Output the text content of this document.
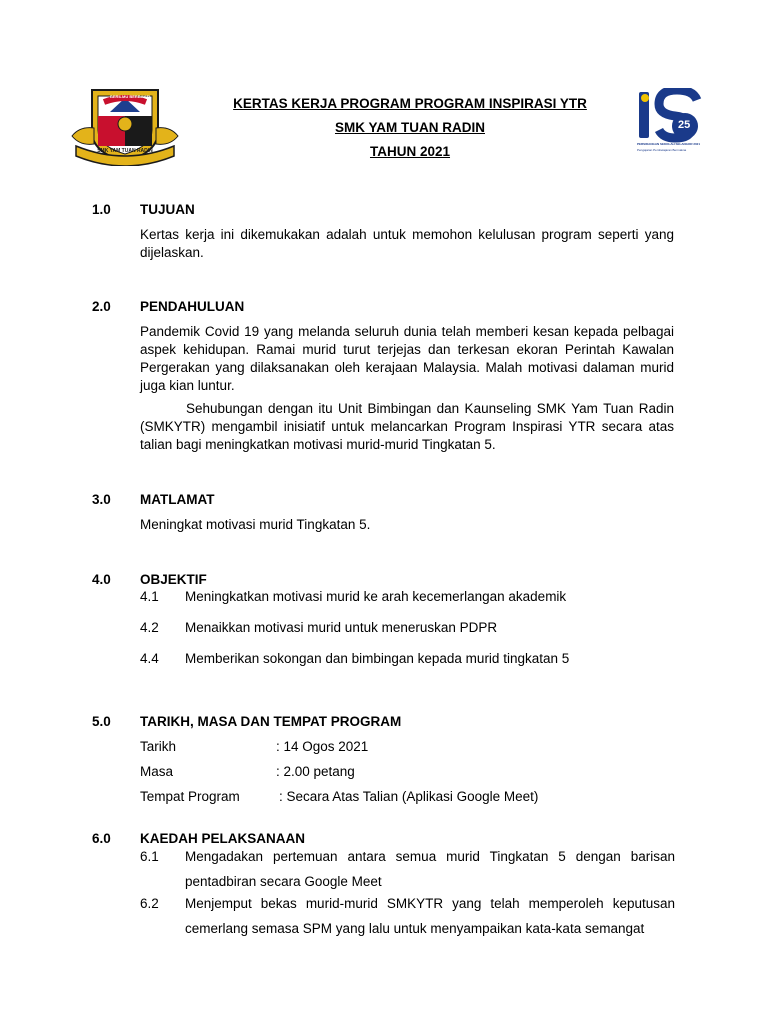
BERILMU BERBAKTI
SMK YAM TUAN RADIN
KERTAS KERJA PROGRAM PROGRAM INSPIRASI YTR
SMK YAM TUAN RADIN
TAHUN 2021
25
PERSIDANGAN SEKOLAH SELANGOR 2021
Pengajaran Pembelajaran Bermakna
1.0 TUJUAN
Kertas kerja ini dikemukakan adalah untuk memohon kelulusan program seperti yang dijelaskan.
2.0 PENDAHULUAN
Pandemik Covid 19 yang melanda seluruh dunia telah memberi kesan kepada pelbagai aspek kehidupan. Ramai murid turut terjejas dan terkesan ekoran Perintah Kawalan Pergerakan yang dilaksanakan oleh kerajaan Malaysia. Malah motivasi dalaman murid juga kian luntur.
Sehubungan dengan itu Unit Bimbingan dan Kaunseling SMK Yam Tuan Radin (SMKYTR) mengambil inisiatif untuk melancarkan Program Inspirasi YTR secara atas talian bagi meningkatkan motivasi murid-murid Tingkatan 5.
3.0 MATLAMAT
Meningkat motivasi murid Tingkatan 5.
4.0 OBJEKTIF
4.1 Meningkatkan motivasi murid ke arah kecemerlangan akademik
4.2 Menaikkan motivasi murid untuk meneruskan PDPR
4.4 Memberikan sokongan dan bimbingan kepada murid tingkatan 5
5.0 TARIKH, MASA DAN TEMPAT PROGRAM
Tarikh	: 14 Ogos 2021
Masa	: 2.00 petang
Tempat Program	: Secara Atas Talian (Aplikasi Google Meet)
6.0 KAEDAH PELAKSANAAN
6.1 Mengadakan pertemuan antara semua murid Tingkatan 5 dengan barisan pentadbiran secara Google Meet
6.2 Menjemput bekas murid-murid SMKYTR yang telah memperoleh keputusan cemerlang semasa SPM yang lalu untuk menyampaikan kata-kata semangat
